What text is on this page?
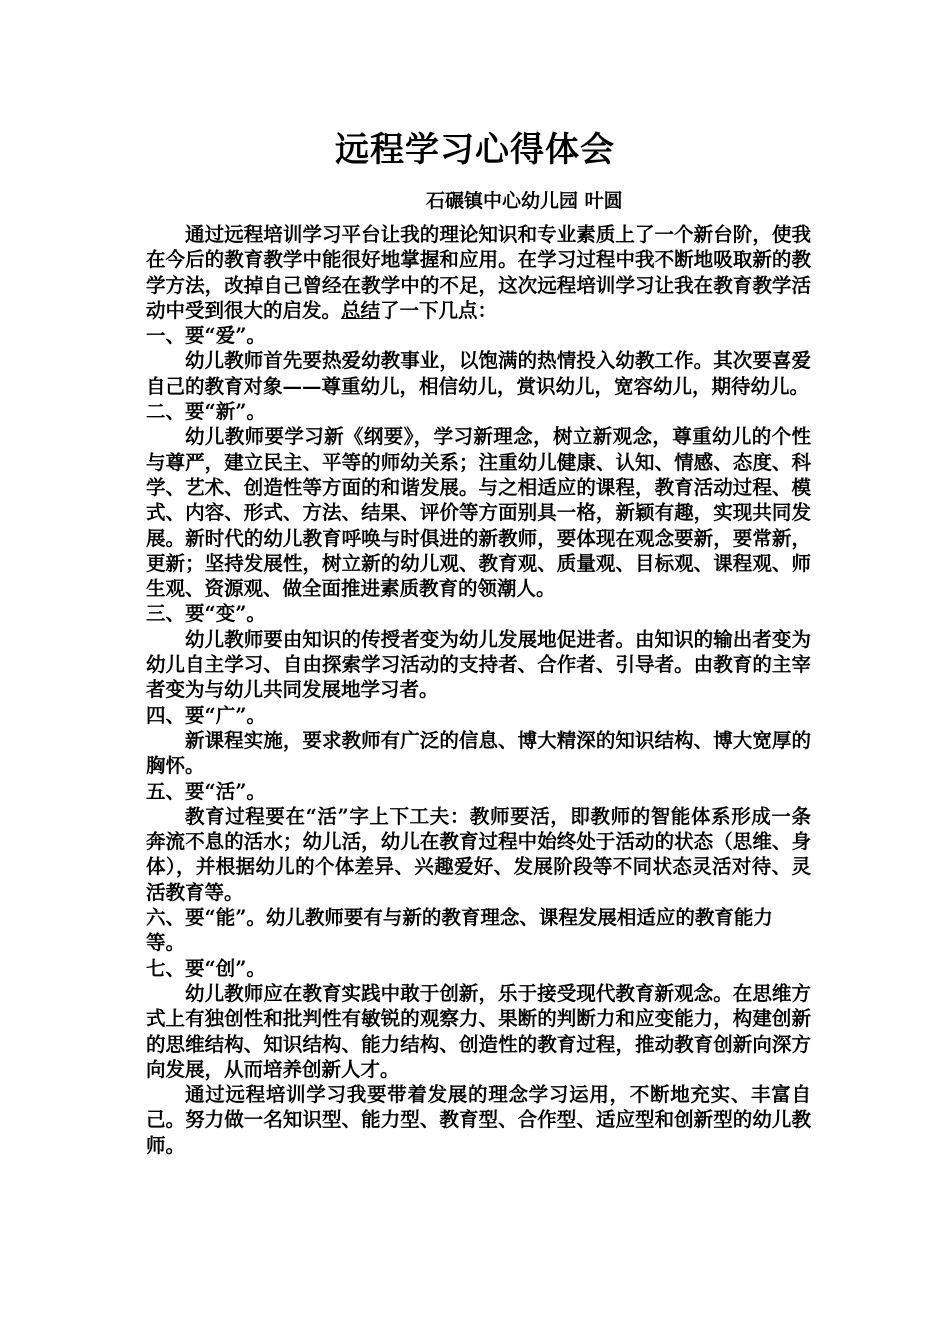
远程学习心得体会

石碾镇中心幼儿园 叶圆

通过远程培训学习平台让我的理论知识和专业素质上了一个新台阶，使我在今后的教育教学中能很好地掌握和应用。在学习过程中我不断地吸取新的教学方法，改掉自己曾经在教学中的不足，这次远程培训学习让我在教育教学活动中受到很大的启发。总结了一下几点：

一、要“爱”。

幼儿教师首先要热爱幼教事业，以饱满的热情投入幼教工作。其次要喜爱自己的教育对象——尊重幼儿，相信幼儿，赏识幼儿，宽容幼儿，期待幼儿。

二、要“新”。

幼儿教师要学习新《纲要》，学习新理念，树立新观念，尊重幼儿的个性与尊严，建立民主、平等的师幼关系；注重幼儿健康、认知、情感、态度、科学、艺术、创造性等方面的和谐发展。与之相适应的课程，教育活动过程、模式、内容、形式、方法、结果、评价等方面别具一格，新颖有趣，实现共同发展。新时代的幼儿教育呼唤与时俱进的新教师，要体现在观念要新，要常新，更新；坚持发展性，树立新的幼儿观、教育观、质量观、目标观、课程观、师生观、资源观、做全面推进素质教育的领潮人。

三、要“变”。

幼儿教师要由知识的传授者变为幼儿发展地促进者。由知识的输出者变为幼儿自主学习、自由探索学习活动的支持者、合作者、引导者。由教育的主宰者变为与幼儿共同发展地学习者。

四、要“广”。

新课程实施，要求教师有广泛的信息、博大精深的知识结构、博大宽厚的胸怀。

五、要“活”。

教育过程要在“活”字上下工夫：教师要活，即教师的智能体系形成一条奔流不息的活水；幼儿活，幼儿在教育过程中始终处于活动的状态（思维、身体），并根据幼儿的个体差异、兴趣爱好、发展阶段等不同状态灵活对待、灵活教育等。

六、要“能”。幼儿教师要有与新的教育理念、课程发展相适应的教育能力等。

七、要“创”。

幼儿教师应在教育实践中敢于创新，乐于接受现代教育新观念。在思维方式上有独创性和批判性有敏锐的观察力、果断的判断力和应变能力，构建创新的思维结构、知识结构、能力结构、创造性的教育过程，推动教育创新向深方向发展，从而培养创新人才。

通过远程培训学习我要带着发展的理念学习运用，不断地充实、丰富自己。努力做一名知识型、能力型、教育型、合作型、适应型和创新型的幼儿教师。
